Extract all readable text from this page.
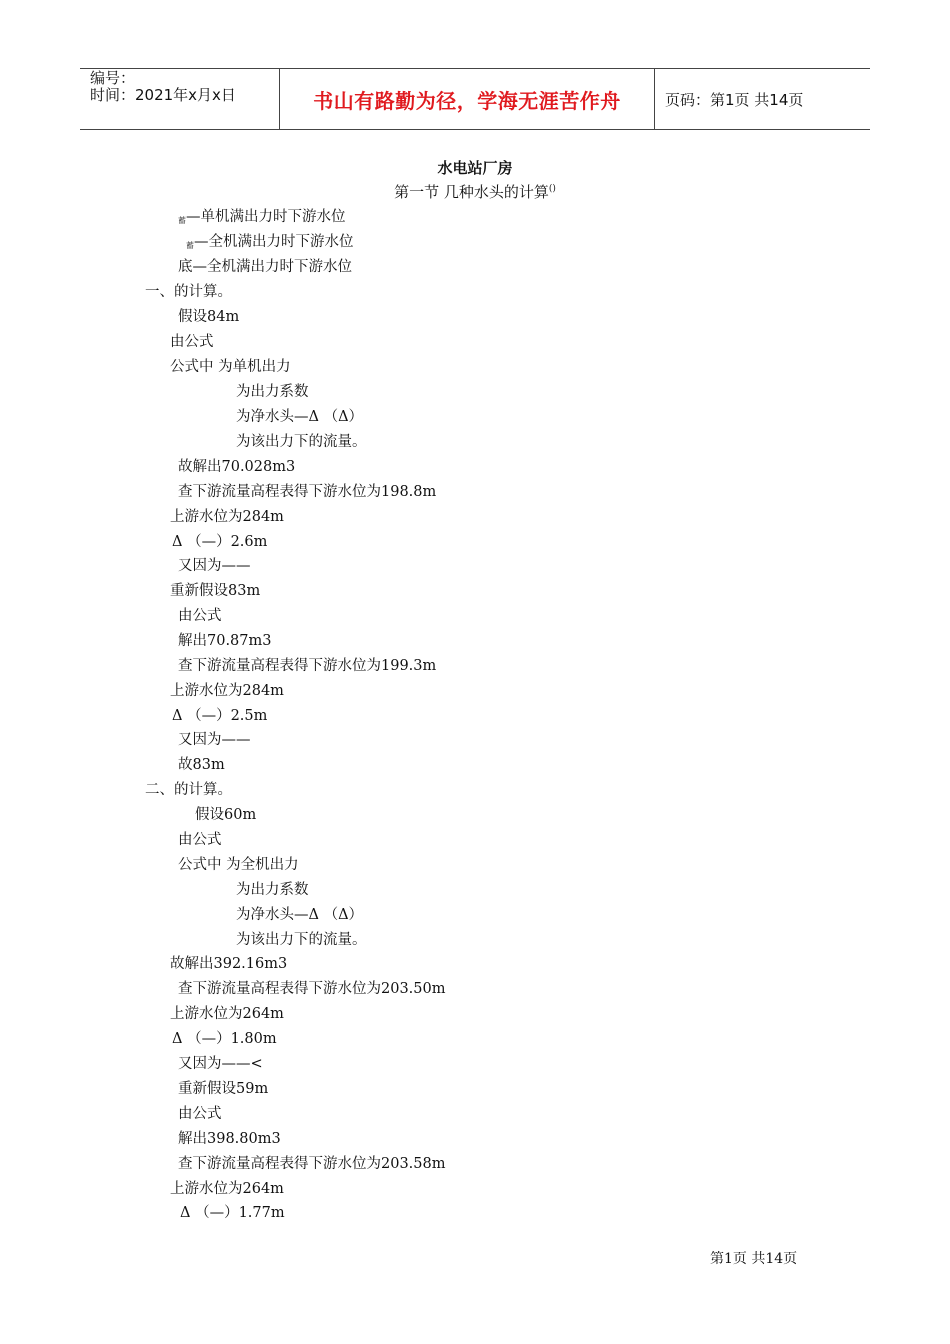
编号：
时间：2021年x月x日	书山有路勤为径，学海无涯苦作舟	页码：第1页 共14页
水电站厂房
第一节 几种水头的计算()
蓄—单机满出力时下游水位
蓄—全机满出力时下游水位
底—全机满出力时下游水位
一、的计算。
假设84m
由公式
公式中 为单机出力
为出力系数
为净水头—Δ （Δ）
为该出力下的流量。
故解出70.028m3
查下游流量高程表得下游水位为198.8m
上游水位为284m
Δ （—）2.6m
又因为——
重新假设83m
由公式
解出70.87m3
查下游流量高程表得下游水位为199.3m
上游水位为284m
Δ （—）2.5m
又因为——
故83m
二、的计算。
假设60m
由公式
公式中 为全机出力
为出力系数
为净水头—Δ （Δ）
为该出力下的流量。
故解出392.16m3
查下游流量高程表得下游水位为203.50m
上游水位为264m
Δ （—）1.80m
又因为——<
重新假设59m
由公式
解出398.80m3
查下游流量高程表得下游水位为203.58m
上游水位为264m
Δ （—）1.77m
第1页 共14页
